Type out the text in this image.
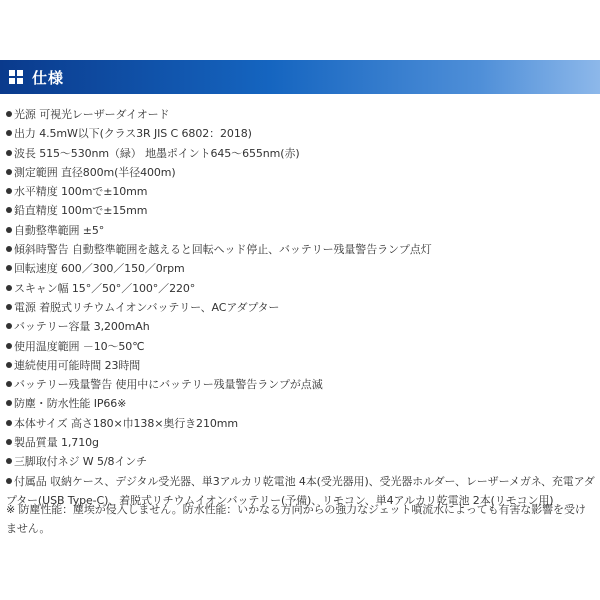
仕様
光源 可視光レーザーダイオード
出力 4.5mW以下(クラス3R JIS C 6802：2018)
波長 515～530nm（緑） 地墨ポイント645～655nm(赤)
測定範囲 直径800m(半径400m)
水平精度 100mで±10mm
鉛直精度 100mで±15mm
自動整準範囲 ±5°
傾斜時警告 自動整準範囲を越えると回転ヘッド停止、バッテリー残量警告ランプ点灯
回転速度 600／300／150／0rpm
スキャン幅 15°／50°／100°／220°
電源 着脱式リチウムイオンバッテリー、ACアダプター
バッテリー容量 3,200mAh
使用温度範囲 －10～50℃
連続使用可能時間 23時間
バッテリー残量警告 使用中にバッテリー残量警告ランプが点滅
防塵・防水性能 IP66※
本体サイズ 高さ180×巾138×奥行き210mm
製品質量 1,710g
三脚取付ネジ W 5/8インチ
付属品 収納ケース、デジタル受光器、単3アルカリ乾電池 4本(受光器用)、受光器ホルダー、レーザーメガネ、充電アダプター(USB Type-C)、着脱式リチウムイオンバッテリー(予備)、リモコン、単4アルカリ乾電池 2本(リモコン用)
※ 防塵性能：塵埃が侵入しません。防水性能：いかなる方向からの強力なジェット噴流水によっても有害な影響を受けません。
